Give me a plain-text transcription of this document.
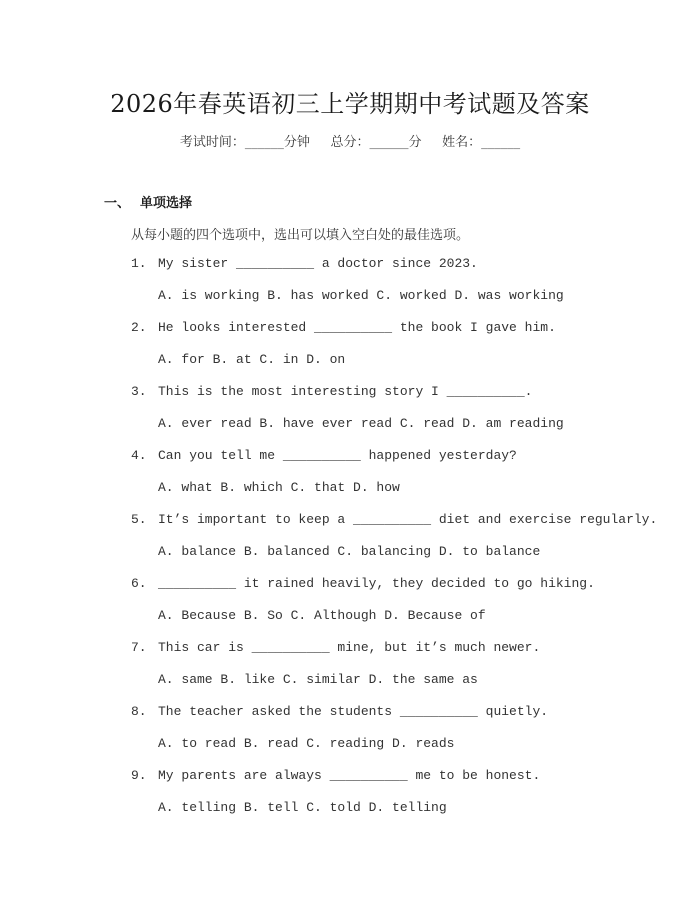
2026年春英语初三上学期期中考试题及答案
考试时间：______分钟     总分：______分     姓名：______
一、 单项选择
从每小题的四个选项中，选出可以填入空白处的最佳选项。
1. My sister __________ a doctor since 2023.
A. is working B. has worked C. worked D. was working
2. He looks interested __________ the book I gave him.
A. for B. at C. in D. on
3. This is the most interesting story I __________.
A. ever read B. have ever read C. read D. am reading
4. Can you tell me __________ happened yesterday?
A. what B. which C. that D. how
5. It’s important to keep a __________ diet and exercise regularly.
A. balance B. balanced C. balancing D. to balance
6. __________ it rained heavily, they decided to go hiking.
A. Because B. So C. Although D. Because of
7. This car is __________ mine, but it’s much newer.
A. same B. like C. similar D. the same as
8. The teacher asked the students __________ quietly.
A. to read B. read C. reading D. reads
9. My parents are always __________ me to be honest.
A. telling B. tell C. told D. telling
